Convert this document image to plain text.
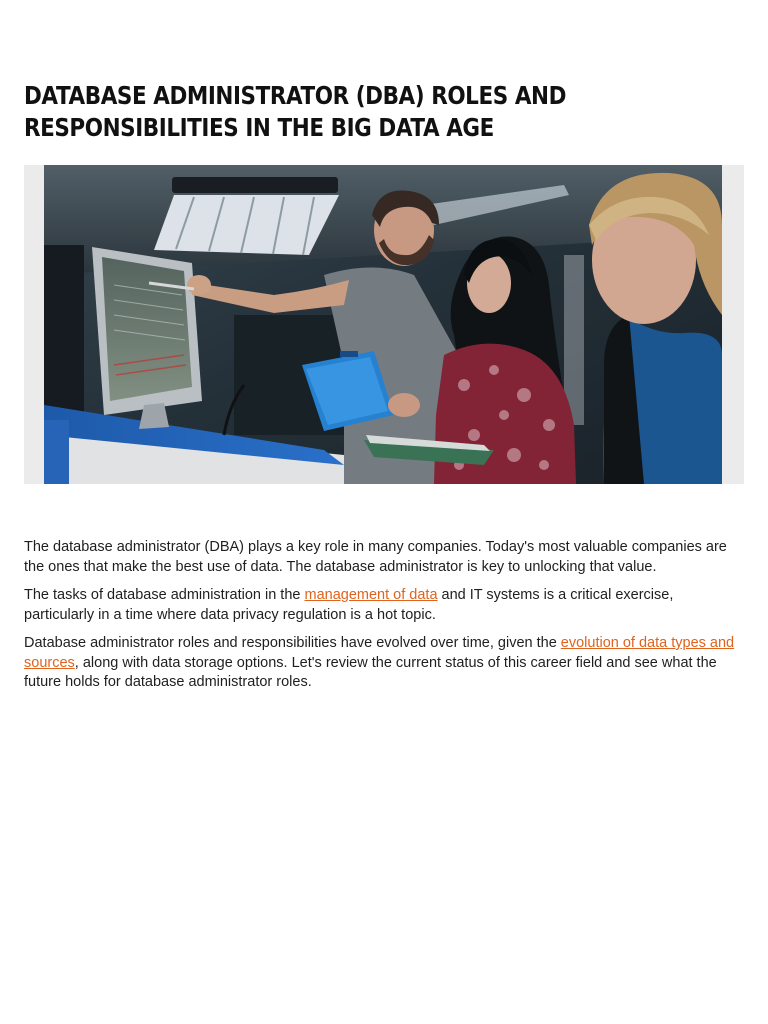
DATABASE ADMINISTRATOR (DBA) ROLES AND
RESPONSIBILITIES IN THE BIG DATA AGE

The database administrator (DBA) plays a key role in many companies. Today's most valuable companies are the ones that make the best use of data. The database administrator is key to unlocking that value.

The tasks of database administration in the management of data and IT systems is a critical exercise, particularly in a time where data privacy regulation is a hot topic.

Database administrator roles and responsibilities have evolved over time, given the evolution of data types and sources, along with data storage options. Let's review the current status of this career field and see what the future holds for database administrator roles.
